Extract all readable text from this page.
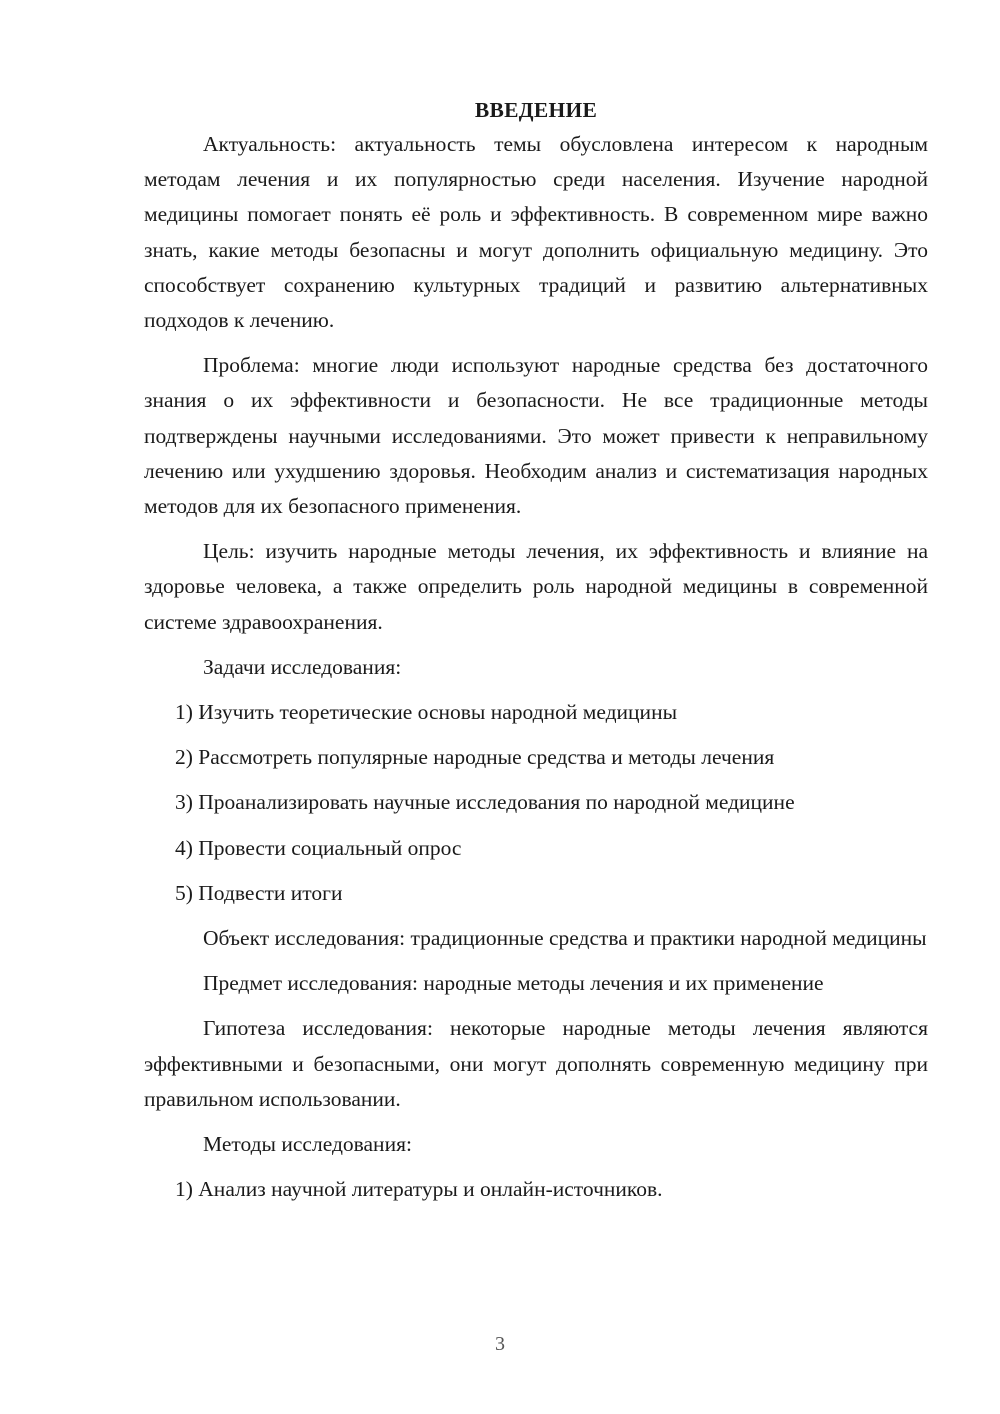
ВВЕДЕНИЕ

Актуальность: актуальность темы обусловлена интересом к народным методам лечения и их популярностью среди населения. Изучение народной медицины помогает понять её роль и эффективность. В современном мире важно знать, какие методы безопасны и могут дополнить официальную медицину. Это способствует сохранению культурных традиций и развитию альтернативных подходов к лечению.

Проблема: многие люди используют народные средства без достаточного знания о их эффективности и безопасности. Не все традиционные методы подтверждены научными исследованиями. Это может привести к неправильному лечению или ухудшению здоровья. Необходим анализ и систематизация народных методов для их безопасного применения.

Цель: изучить народные методы лечения, их эффективность и влияние на здоровье человека, а также определить роль народной медицины в современной системе здравоохранения.

Задачи исследования:

1) Изучить теоретические основы народной медицины

2) Рассмотреть популярные народные средства и методы лечения

3) Проанализировать научные исследования по народной медицине

4) Провести социальный опрос

5) Подвести итоги

Объект исследования: традиционные средства и практики народной медицины

Предмет исследования: народные методы лечения и их применение

Гипотеза исследования: некоторые народные методы лечения являются эффективными и безопасными, они могут дополнять современную медицину при правильном использовании.

Методы исследования:

1) Анализ научной литературы и онлайн-источников.

3
